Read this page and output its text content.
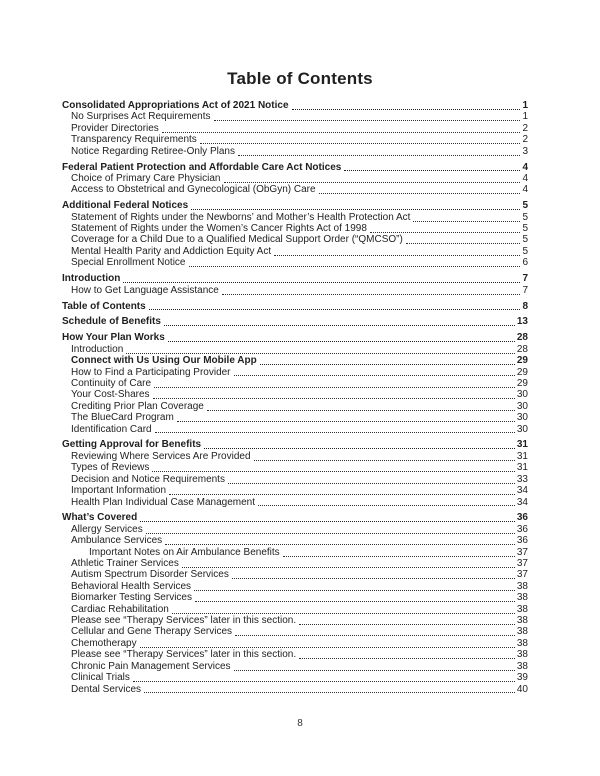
Table of Contents
Consolidated Appropriations Act of 2021 Notice	1
No Surprises Act Requirements	1
Provider Directories	2
Transparency Requirements	2
Notice Regarding Retiree-Only Plans	3
Federal Patient Protection and Affordable Care Act Notices	4
Choice of Primary Care Physician	4
Access to Obstetrical and Gynecological (ObGyn) Care	4
Additional Federal Notices	5
Statement of Rights under the Newborns’ and Mother’s Health Protection Act	5
Statement of Rights under the Women’s Cancer Rights Act of 1998	5
Coverage for a Child Due to a Qualified Medical Support Order (“QMCSO”)	5
Mental Health Parity and Addiction Equity Act	5
Special Enrollment Notice	6
Introduction	7
How to Get Language Assistance	7
Table of Contents	8
Schedule of Benefits	13
How Your Plan Works	28
Introduction	28
Connect with Us Using Our Mobile App	29
How to Find a Participating Provider	29
Continuity of Care	29
Your Cost-Shares	30
Crediting Prior Plan Coverage	30
The BlueCard Program	30
Identification Card	30
Getting Approval for Benefits	31
Reviewing Where Services Are Provided	31
Types of Reviews	31
Decision and Notice Requirements	33
Important Information	34
Health Plan Individual Case Management	34
What’s Covered	36
Allergy Services	36
Ambulance Services	36
Important Notes on Air Ambulance Benefits	37
Athletic Trainer Services	37
Autism Spectrum Disorder Services	37
Behavioral Health Services	38
Biomarker Testing Services	38
Cardiac Rehabilitation	38
Please see “Therapy Services” later in this section.	38
Cellular and Gene Therapy Services	38
Chemotherapy	38
Please see “Therapy Services” later in this section.	38
Chronic Pain Management Services	38
Clinical Trials	39
Dental Services	40
8
